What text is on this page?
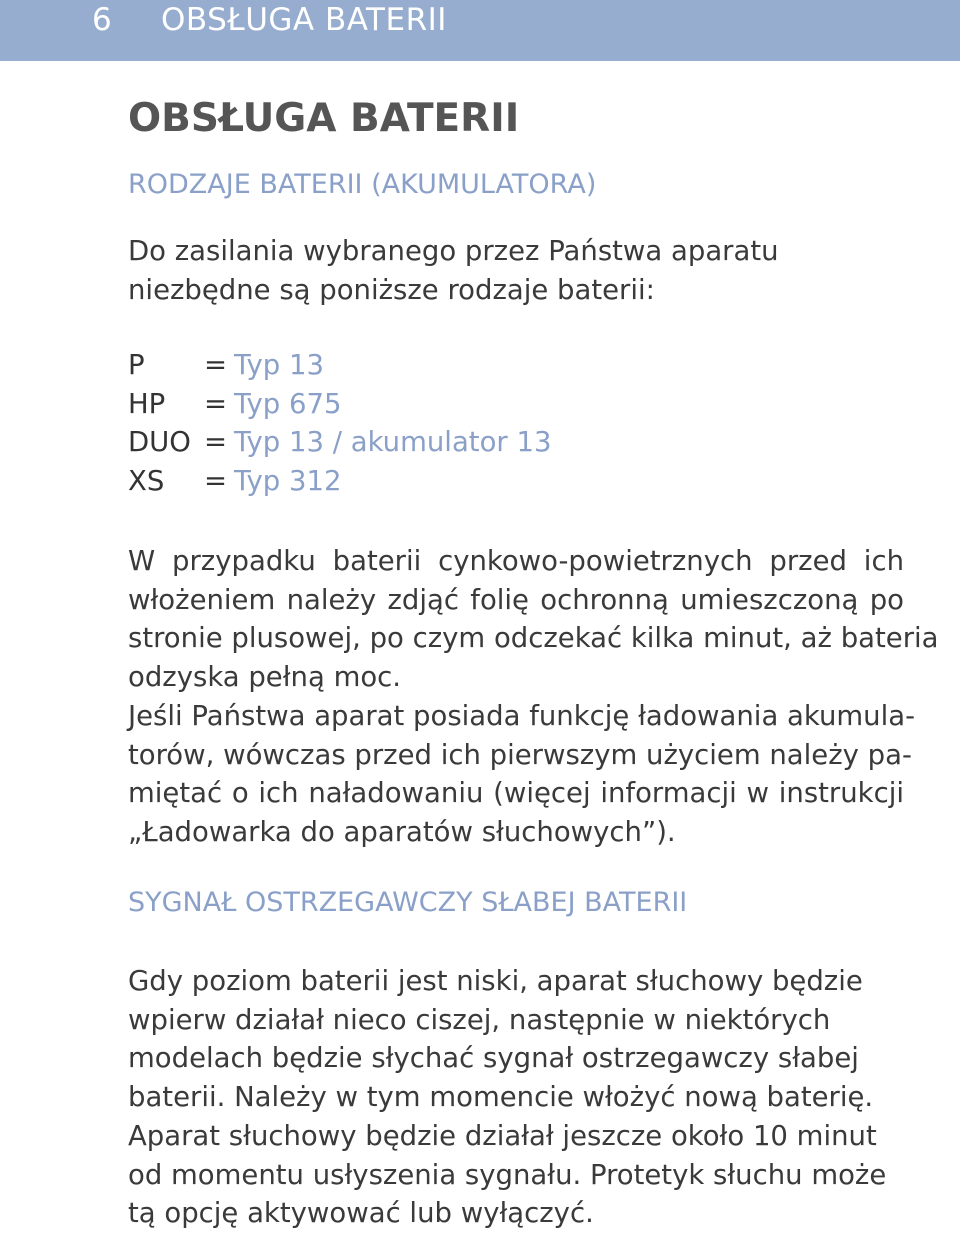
6 OBSŁUGA BATERII
OBSŁUGA BATERII
RODZAJE BATERII (AKUMULATORA)

Do zasilania wybranego przez Państwa aparatu
niezbędne są poniższe rodzaje baterii:

P	= Typ 13
HP	= Typ 675
DUO = Typ 13 / akumulator 13
XS	= Typ 312

W przypadku baterii cynkowo-powietrznych przed ich
włożeniem należy zdjąć folię ochronną umieszczoną po
stronie plusowej, po czym odczekać kilka minut, aż bateria
odzyska pełną moc.
Jeśli Państwa aparat posiada funkcję ładowania akumula-
torów, wówczas przed ich pierwszym użyciem należy pa-
miętać o ich naładowaniu (więcej informacji w instrukcji
„Ładowarka do aparatów słuchowych”).

SYGNAŁ OSTRZEGAWCZY SŁABEJ BATERII

Gdy poziom baterii jest niski, aparat słuchowy będzie
wpierw działał nieco ciszej, następnie w niektórych
modelach będzie słychać sygnał ostrzegawczy słabej
baterii. Należy w tym momencie włożyć nową baterię.
Aparat słuchowy będzie działał jeszcze około 10 minut
od momentu usłyszenia sygnału. Protetyk słuchu może
tą opcję aktywować lub wyłączyć.
